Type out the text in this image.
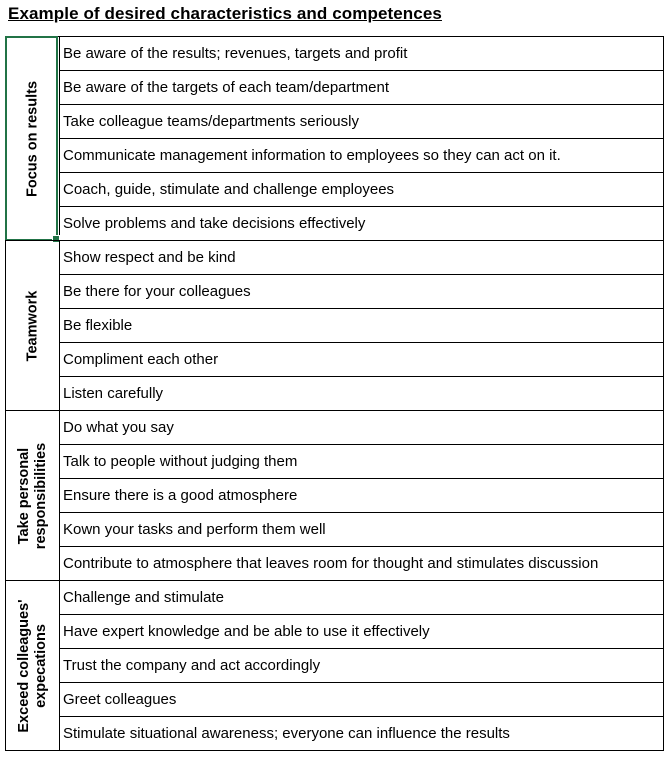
Example of desired characteristics and competences
Focus on results
Be aware of the results; revenues, targets and profit
Be aware of the targets of each team/department
Take colleague teams/departments seriously
Communicate management information to employees so they can act on it.
Coach, guide, stimulate and challenge employees
Solve problems and take decisions effectively
Teamwork
Show respect and be kind
Be there for your colleagues
Be flexible
Compliment each other
Listen carefully
Take personal responsibilities
Do what you say
Talk to people without judging them
Ensure there is a good atmosphere
Kown your tasks and perform them well
Contribute to atmosphere that leaves room for thought and stimulates discussion
Exceed colleagues' expecations
Challenge and stimulate
Have expert knowledge and be able to use it effectively
Trust the company and act accordingly
Greet colleagues
Stimulate situational awareness; everyone can influence the results
